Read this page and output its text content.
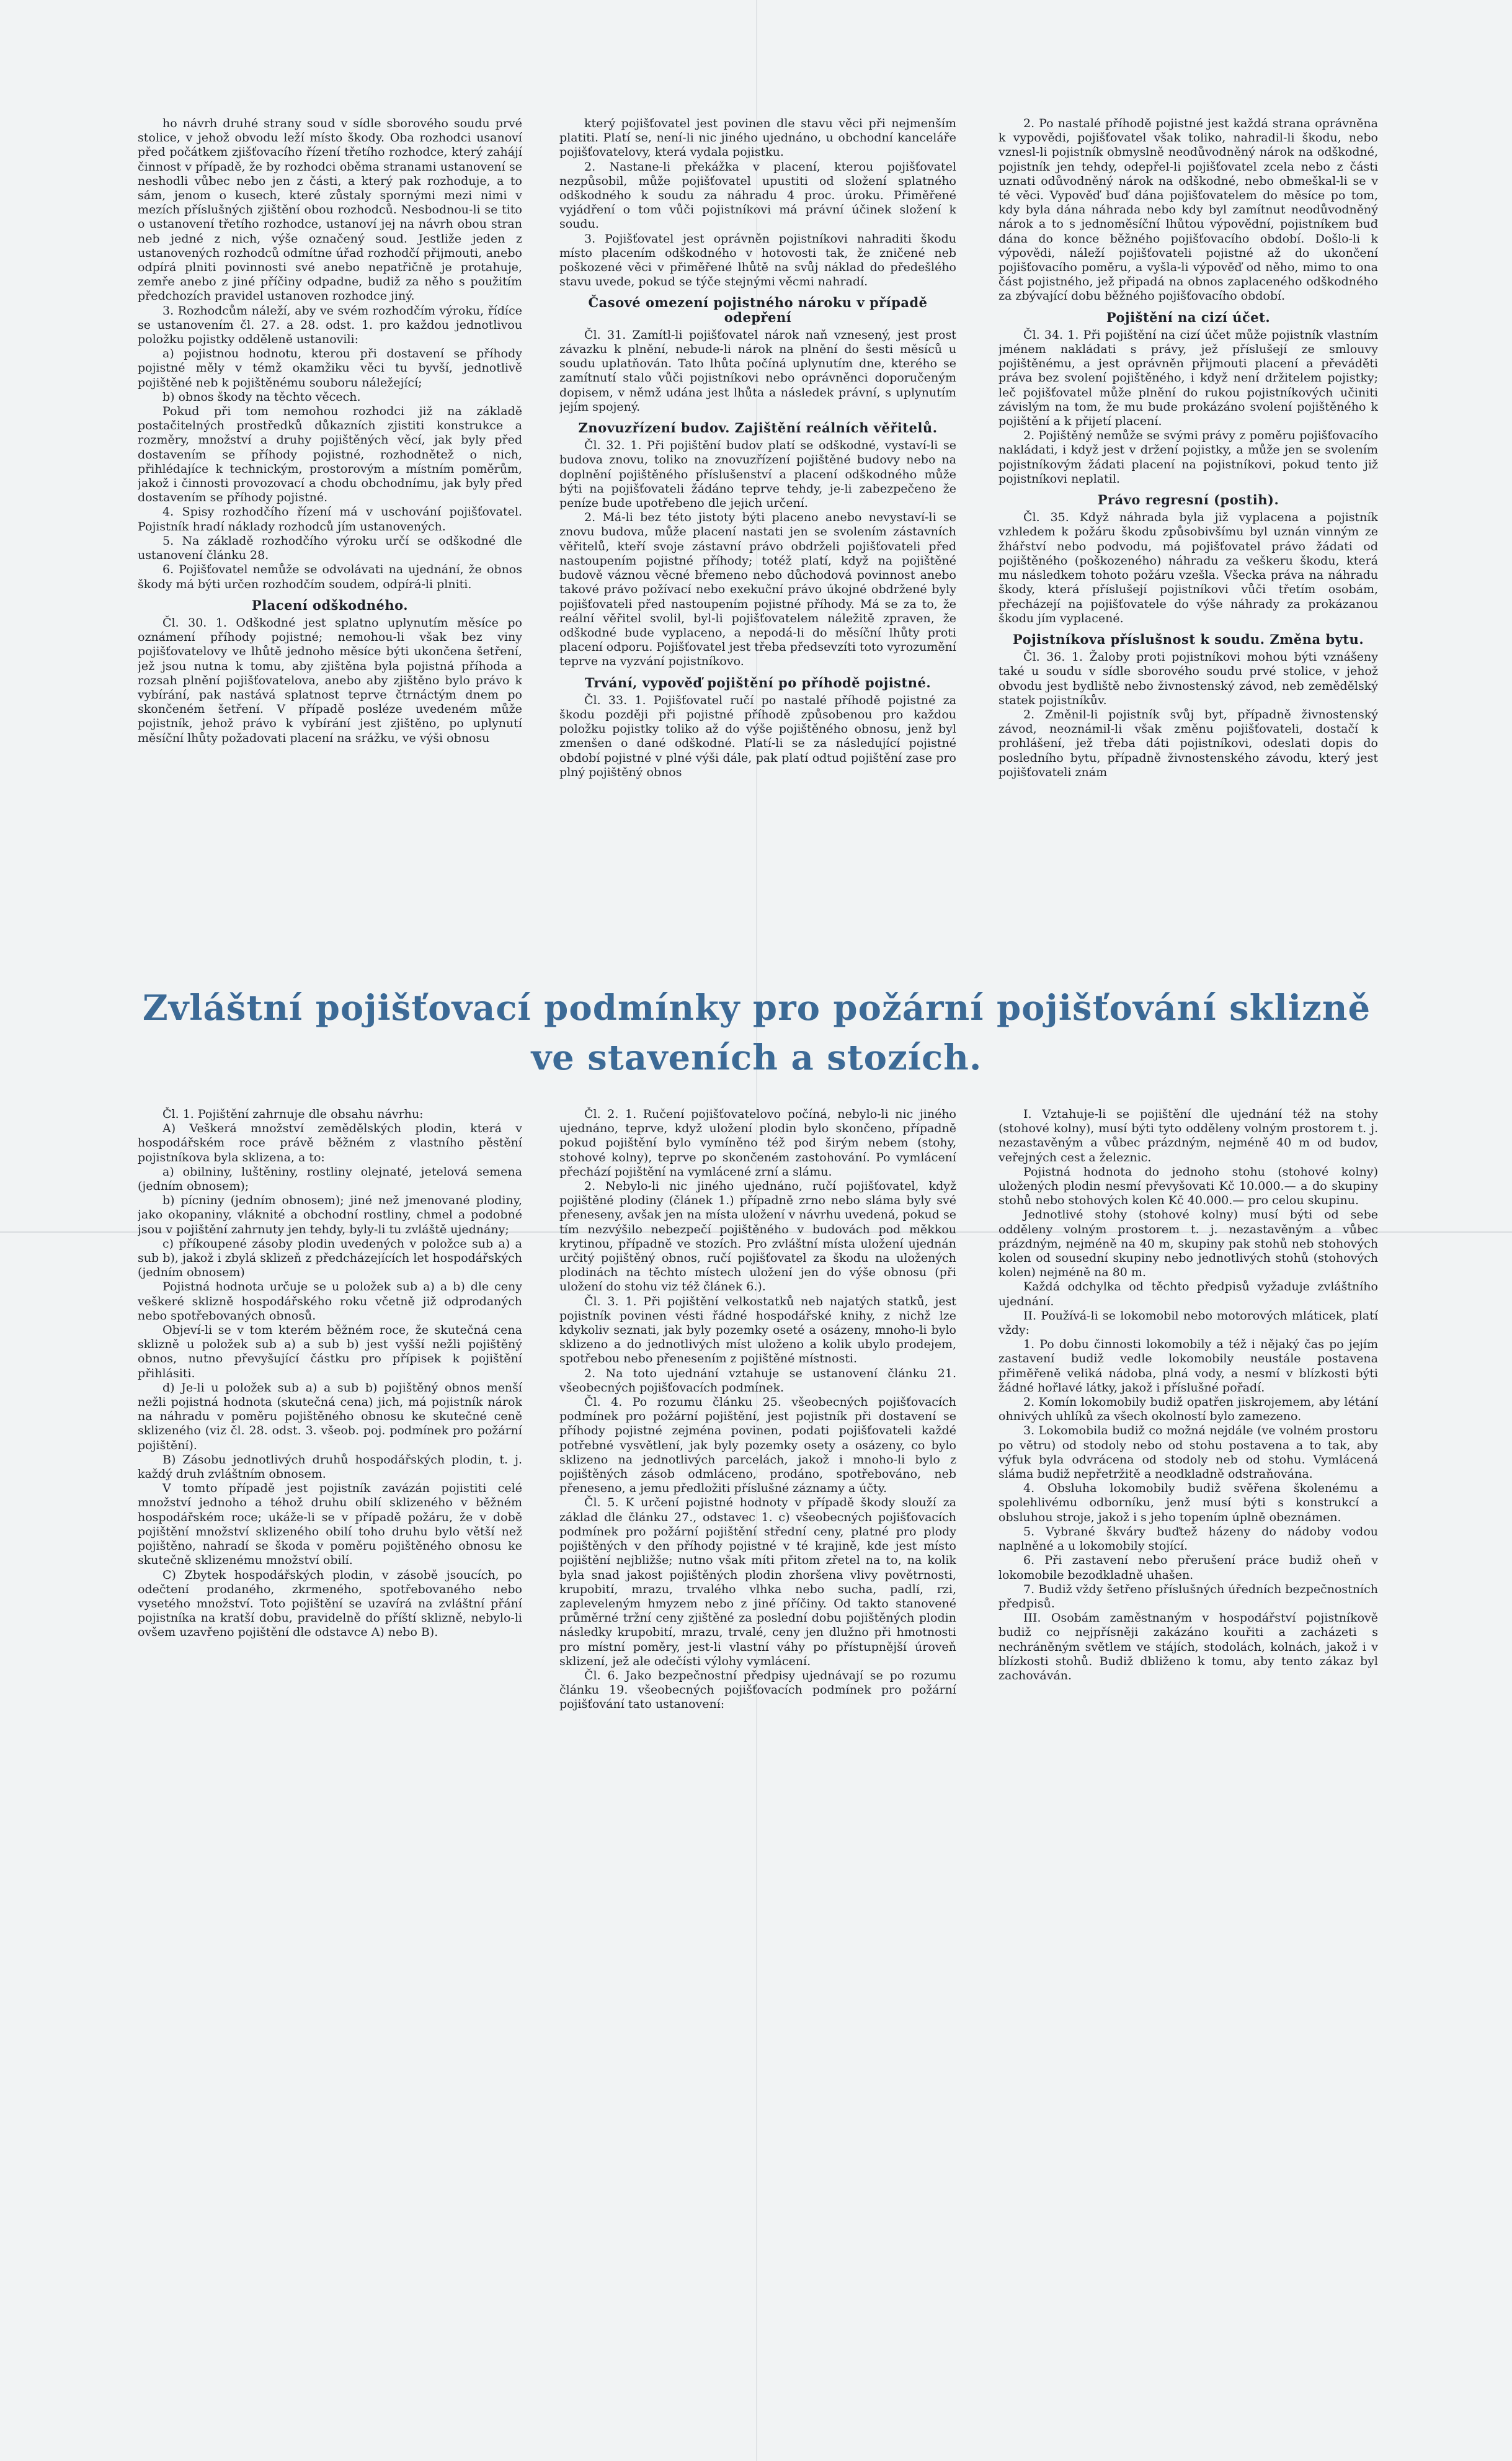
ho návrh druhé strany soud v sídle sborového soudu prvé stolice, v jehož obvodu leží místo škody. Oba rozhodci usanoví před počátkem zjišťovacího řízení třetího rozhodce, který zahájí činnost v případě, že by rozhodci oběma stranami ustanovení se neshodli vůbec nebo jen z části, a který pak rozhoduje, a to sám, jenom o kusech, které zůstaly spornými mezi nimi v mezích příslušných zjištění obou rozhodců. Nesbodnou-li se tito o ustanovení třetího rozhodce, ustanoví jej na návrh obou stran neb jedné z nich, výše označený soud. Jestliže jeden z ustanovených rozhodců odmítne úřad rozhodčí přijmouti, anebo odpírá plniti povinnosti své anebo nepatřičně je protahuje, zemře anebo z jiné příčiny odpadne, budiž za něho s použitím předchozích pravidel ustanoven rozhodce jiný.

3. Rozhodcům náleží, aby ve svém rozhodčím výroku, řídíce se ustanovením čl. 27. a 28. odst. 1. pro každou jednotlivou položku pojistky odděleně ustanovili:

a) pojistnou hodnotu, kterou při dostavení se příhody pojistné měly v témž okamžiku věci tu byvší, jednotlivě pojištěné neb k pojištěnému souboru náležející;

b) obnos škody na těchto věcech.

Pokud při tom nemohou rozhodci již na základě postačitelných prostředků důkazních zjistiti konstrukce a rozměry, množství a druhy pojištěných věcí, jak byly před dostavením se příhody pojistné, rozhodnětež o nich, přihlédajíce k technickým, prostorovým a místním poměrům, jakož i činnosti provozovací a chodu obchodnímu, jak byly před dostavením se příhody pojistné.

4. Spisy rozhodčího řízení má v uschování pojišťovatel. Pojistník hradí náklady rozhodců jím ustanovených.

5. Na základě rozhodčího výroku určí se odškodné dle ustanovení článku 28.

6. Pojišťovatel nemůže se odvolávati na ujednání, že obnos škody má býti určen rozhodčím soudem, odpírá-li plniti.

Placení odškodného.

Čl. 30. 1. Odškodné jest splatno uplynutím měsíce po oznámení příhody pojistné; nemohou-li však bez viny pojišťovatelovy ve lhůtě jednoho měsíce býti ukončena šetření, jež jsou nutna k tomu, aby zjištěna byla pojistná příhoda a rozsah plnění pojišťovatelova, anebo aby zjištěno bylo právo k vybírání, pak nastává splatnost teprve čtrnáctým dnem po skončeném šetření. V případě posléze uvedeném může pojistník, jehož právo k vybírání jest zjištěno, po uplynutí měsíční lhůty požadovati placení na srážku, ve výši obnosu

který pojišťovatel jest povinen dle stavu věci při nejmenším platiti. Platí se, není-li nic jiného ujednáno, u obchodní kanceláře pojišťovatelovy, která vydala pojistku.

2. Nastane-li překážka v placení, kterou pojišťovatel nezpůsobil, může pojišťovatel upustiti od složení splatného odškodného k soudu za náhradu 4 proc. úroku. Přiměřené vyjádření o tom vůči pojistníkovi má právní účinek složení k soudu.

3. Pojišťovatel jest oprávněn pojistníkovi nahraditi škodu místo placením odškodného v hotovosti tak, že zničené neb poškozené věci v přiměřené lhůtě na svůj náklad do předešlého stavu uvede, pokud se týče stejnými věcmi nahradí.

Časové omezení pojistného nároku v případě odepření

Čl. 31. Zamítl-li pojišťovatel nárok naň vznesený, jest prost závazku k plnění, nebude-li nárok na plnění do šesti měsíců u soudu uplatňován. Tato lhůta počíná uplynutím dne, kterého se zamítnutí stalo vůči pojistníkovi nebo oprávněnci doporučeným dopisem, v němž udána jest lhůta a následek právní, s uplynutím jejím spojený.

Znovuzřízení budov. Zajištění reálních věřitelů.

Čl. 32. 1. Při pojištění budov platí se odškodné, vystaví-li se budova znovu, toliko na znovuzřízení pojištěné budovy nebo na doplnění pojištěného příslušenství a placení odškodného může býti na pojišťovateli žádáno teprve tehdy, je-li zabezpečeno že peníze bude upotřebeno dle jejich určení.

2. Má-li bez této jistoty býti placeno anebo nevystaví-li se znovu budova, může placení nastati jen se svolením zástavních věřitelů, kteří svoje zástavní právo obdrželi pojišťovateli před nastoupením pojistné příhody; totéž platí, když na pojištěné budově váznou věcné břemeno nebo důchodová povinnost anebo takové právo požívací nebo exekuční právo úkojné obdržené byly pojišťovateli před nastoupením pojistné příhody. Má se za to, že reální věřitel svolil, byl-li pojišťovatelem náležitě zpraven, že odškodné bude vyplaceno, a nepodá-li do měsíční lhůty proti placení odporu. Pojišťovatel jest třeba předsevzíti toto vyrozumění teprve na vyzvání pojistníkovo.

Trvání, vypověď pojištění po příhodě pojistné.

Čl. 33. 1. Pojišťovatel ručí po nastalé příhodě pojistné za škodu později při pojistné příhodě způsobenou pro každou položku pojistky toliko až do výše pojištěného obnosu, jenž byl zmenšen o dané odškodné. Platí-li se za následující pojistné období pojistné v plné výši dále, pak platí odtud pojištění zase pro plný pojištěný obnos

2. Po nastalé příhodě pojistné jest každá strana oprávněna k vypovědi, pojišťovatel však toliko, nahradil-li škodu, nebo vznesl-li pojistník obmyslně neodůvodněný nárok na odškodné, pojistník jen tehdy, odepřel-li pojišťovatel zcela nebo z části uznati odůvodněný nárok na odškodné, nebo obmeškal-li se v té věci. Vypověď buď dána pojišťovatelem do měsíce po tom, kdy byla dána náhrada nebo kdy byl zamítnut neodůvodněný nárok a to s jednoměsíční lhůtou výpovědní, pojistníkem buď dána do konce běžného pojišťovacího období. Došlo-li k výpovědi, náleží pojišťovateli pojistné až do ukončení pojišťovacího poměru, a vyšla-li výpověď od něho, mimo to ona část pojistného, jež připadá na obnos zaplaceného odškodného za zbývající dobu běžného pojišťovacího období.

Pojištění na cizí účet.

Čl. 34. 1. Při pojištění na cizí účet může pojistník vlastním jménem nakládati s právy, jež příslušejí ze smlouvy pojištěnému, a jest oprávněn přijmouti placení a převáděti práva bez svolení pojištěného, i když není držitelem pojistky; leč pojišťovatel může plnění do rukou pojistníkových učiniti závislým na tom, že mu bude prokázáno svolení pojištěného k pojištění a k přijetí placení.

2. Pojištěný nemůže se svými právy z poměru pojišťovacího nakládati, i když jest v držení pojistky, a může jen se svolením pojistníkovým žádati placení na pojistníkovi, pokud tento již pojistníkovi neplatil.

Právo regresní (postih).

Čl. 35. Když náhrada byla již vyplacena a pojistník vzhledem k požáru škodu způsobivšímu byl uznán vinným ze žhářství nebo podvodu, má pojišťovatel právo žádati od pojištěného (poškozeného) náhradu za veškeru škodu, která mu následkem tohoto požáru vzešla. Všecka práva na náhradu škody, která příslušejí pojistníkovi vůči třetím osobám, přecházejí na pojišťovatele do výše náhrady za prokázanou škodu jím vyplacené.

Pojistníkova příslušnost k soudu. Změna bytu.

Čl. 36. 1. Žaloby proti pojistníkovi mohou býti vznášeny také u soudu v sídle sborového soudu prvé stolice, v jehož obvodu jest bydliště nebo živnostenský závod, neb zemědělský statek pojistníkův.

2. Změnil-li pojistník svůj byt, případně živnostenský závod, neoznámil-li však změnu pojišťovateli, dostačí k prohlášení, jež třeba dáti pojistníkovi, odeslati dopis do posledního bytu, případně živnostenského závodu, který jest pojišťovateli znám

Zvláštní pojišťovací podmínky pro požární pojišťování sklizně
ve staveních a stozích.

Čl. 1. Pojištění zahrnuje dle obsahu návrhu:

A) Veškerá množství zemědělských plodin, která v hospodářském roce právě běžném z vlastního pěstění pojistníkova byla sklizena, a to:

a) obilniny, luštěniny, rostliny olejnaté, jetelová semena (jedním obnosem);

b) pícniny (jedním obnosem); jiné než jmenované plodiny, jako okopaniny, vláknité a obchodní rostliny, chmel a podobné jsou v pojištění zahrnuty jen tehdy, byly-li tu zvláště ujednány;

c) příkoupené zásoby plodin uvedených v položce sub a) a sub b), jakož i zbylá sklizeň z předcházejících let hospodářských (jedním obnosem)

Pojistná hodnota určuje se u položek sub a) a b) dle ceny veškeré sklizně hospodářského roku včetně již odprodaných nebo spotřebovaných obnosů.

Objeví-li se v tom kterém běžném roce, že skutečná cena sklizně u položek sub a) a sub b) jest vyšší nežli pojištěný obnos, nutno převyšující částku pro přípisek k pojištění přihlásiti.

d) Je-li u položek sub a) a sub b) pojištěný obnos menší nežli pojistná hodnota (skutečná cena) jich, má pojistník nárok na náhradu v poměru pojištěného obnosu ke skutečné ceně sklizeného (viz čl. 28. odst. 3. všeob. poj. podmínek pro požární pojištění).

B) Zásobu jednotlivých druhů hospodářských plodin, t. j. každý druh zvláštním obnosem.

V tomto případě jest pojistník zavázán pojistiti celé množství jednoho a téhož druhu obilí sklizeného v běžném hospodářském roce; ukáže-li se v případě požáru, že v době pojištění množství sklizeného obilí toho druhu bylo větší než pojištěno, nahradí se škoda v poměru pojištěného obnosu ke skutečně sklizenému množství obilí.

C) Zbytek hospodářských plodin, v zásobě jsoucích, po odečtení prodaného, zkrmeného, spotřebovaného nebo vysetého množství. Toto pojištění se uzavírá na zvláštní přání pojistníka na kratší dobu, pravidelně do příští sklizně, nebylo-li ovšem uzavřeno pojištění dle odstavce A) nebo B).

Čl. 2. 1. Ručení pojišťovatelovo počíná, nebylo-li nic jiného ujednáno, teprve, když uložení plodin bylo skončeno, případně pokud pojištění bylo vymíněno též pod širým nebem (stohy, stohové kolny), teprve po skončeném zastohování. Po vymlácení přechází pojištění na vymlácené zrní a slámu.

2. Nebylo-li nic jiného ujednáno, ručí pojišťovatel, když pojištěné plodiny (článek 1.) případně zrno nebo sláma byly své přeneseny, avšak jen na místa uložení v návrhu uvedená, pokud se tím nezvýšilo nebezpečí pojištěného v budovách pod měkkou krytinou, případně ve stozích. Pro zvláštní místa uložení ujednán určitý pojištěný obnos, ručí pojišťovatel za škodu na uložených plodinách na těchto místech uložení jen do výše obnosu (při uložení do stohu viz též článek 6.).

Čl. 3. 1. Při pojištění velkostatků neb najatých statků, jest pojistník povinen vésti řádné hospodářské knihy, z nichž lze kdykoliv seznati, jak byly pozemky oseté a osázeny, mnoho-li bylo sklizeno a do jednotlivých míst uloženo a kolik ubylo prodejem, spotřebou nebo přenesením z pojištěné místnosti.

2. Na toto ujednání vztahuje se ustanovení článku 21. všeobecných pojišťovacích podmínek.

Čl. 4. Po rozumu článku 25. všeobecných pojišťovacích podmínek pro požární pojištění, jest pojistník při dostavení se příhody pojistné zejména povinen, podati pojišťovateli každé potřebné vysvětlení, jak byly pozemky osety a osázeny, co bylo sklizeno na jednotlivých parcelách, jakož i mnoho-li bylo z pojištěných zásob odmláceno, prodáno, spotřebováno, neb přeneseno, a jemu předložiti příslušné záznamy a účty.

Čl. 5. K určení pojistné hodnoty v případě škody slouží za základ dle článku 27., odstavec 1. c) všeobecných pojišťovacích podmínek pro požární pojištění střední ceny, platné pro plody pojištěných v den příhody pojistné v té krajině, kde jest místo pojištění nejbližše; nutno však míti přitom zřetel na to, na kolik byla snad jakost pojištěných plodin zhoršena vlivy povětrnosti, krupobití, mrazu, trvalého vlhka nebo sucha, padlí, rzi, zapleveleným hmyzem nebo z jiné příčiny. Od takto stanovené průměrné tržní ceny zjištěné za poslední dobu pojištěných plodin následky krupobití, mrazu, trvalé, ceny jen dlužno při hmotnosti pro místní poměry, jest-li vlastní váhy po přístupnější úroveň sklizení, jež ale odečísti výlohy vymlácení.

Čl. 6. Jako bezpečnostní předpisy ujednávají se po rozumu článku 19. všeobecných pojišťovacích podmínek pro požární pojišťování tato ustanovení:

I. Vztahuje-li se pojištění dle ujednání též na stohy (stohové kolny), musí býti tyto odděleny volným prostorem t. j. nezastavěným a vůbec prázdným, nejméně 40 m od budov, veřejných cest a železnic.

Pojistná hodnota do jednoho stohu (stohové kolny) uložených plodin nesmí převyšovati Kč 10.000.— a do skupiny stohů nebo stohových kolen Kč 40.000.— pro celou skupinu.

Jednotlivé stohy (stohové kolny) musí býti od sebe odděleny volným prostorem t. j. nezastavěným a vůbec prázdným, nejméně na 40 m, skupiny pak stohů neb stohových kolen od sousední skupiny nebo jednotlivých stohů (stohových kolen) nejméně na 80 m.

Každá odchylka od těchto předpisů vyžaduje zvláštního ujednání.

II. Používá-li se lokomobil nebo motorových mláticek, platí vždy:

1. Po dobu činnosti lokomobily a též i nějaký čas po jejím zastavení budiž vedle lokomobily neustále postavena přiměřeně veliká nádoba, plná vody, a nesmí v blízkosti býti žádné hořlavé látky, jakož i příslušné pořadí.

2. Komín lokomobily budiž opatřen jiskrojemem, aby létání ohnivých uhlíků za všech okolností bylo zamezeno.

3. Lokomobila budiž co možná nejdále (ve volném prostoru po větru) od stodoly nebo od stohu postavena a to tak, aby výfuk byla odvrácena od stodoly neb od stohu. Vymlácená sláma budiž nepřetržitě a neodkladně odstraňována.

4. Obsluha lokomobily budiž svěřena školenému a spolehlivému odborníku, jenž musí býti s konstrukcí a obsluhou stroje, jakož i s jeho topením úplně obeznámen.

5. Vybrané škváry buďtež házeny do nádoby vodou naplněné a u lokomobily stojící.

6. Při zastavení nebo přerušení práce budiž oheň v lokomobile bezodkladně uhašen.

7. Budiž vždy šetřeno příslušných úředních bezpečnostních předpisů.

III. Osobám zaměstnaným v hospodářství pojistníkově budiž co nejpřísněji zakázáno kouřiti a zacházeti s nechráněným světlem ve stájích, stodolách, kolnách, jakož i v blízkosti stohů. Budiž dbliženo k tomu, aby tento zákaz byl zachováván.
